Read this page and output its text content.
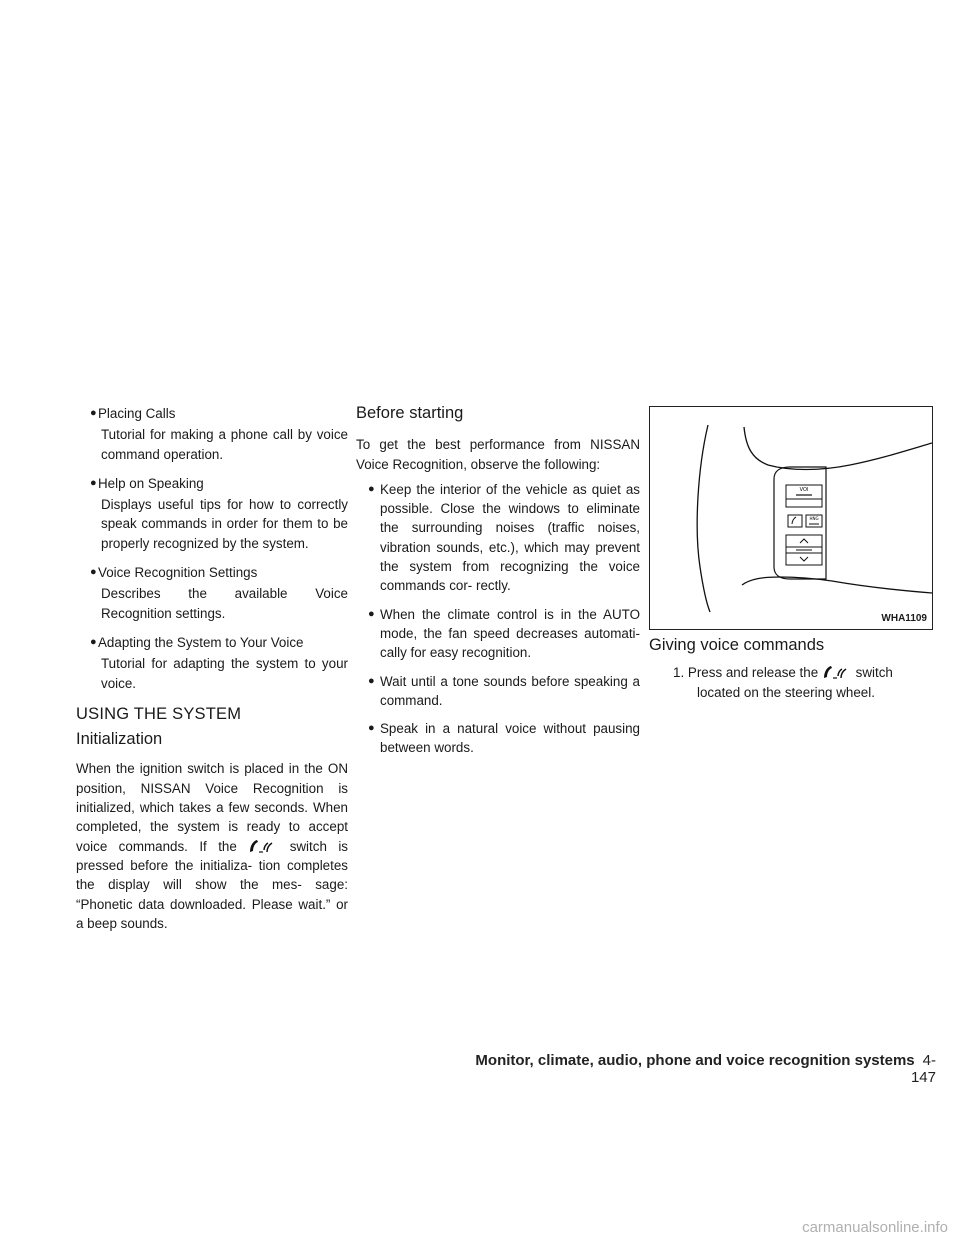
● Placing Calls

Tutorial for making a phone call by voice command operation.

● Help on Speaking

Displays useful tips for how to correctly speak commands in order for them to be properly recognized by the system.

● Voice Recognition Settings

Describes the available Voice Recognition settings.

● Adapting the System to Your Voice

Tutorial for adapting the system to your voice.

USING THE SYSTEM
Initialization

When the ignition switch is placed in the ON position, NISSAN Voice Recognition is initialized, which takes a few seconds. When completed, the system is ready to accept voice commands. If the	switch is pressed before the initializa- tion completes the display will show the mes- sage: “Phonetic data downloaded. Please wait.” or a beep sounds.

Before starting

To get the best performance from NISSAN Voice Recognition, observe the following:

● Keep the interior of the vehicle as quiet as possible. Close the windows to eliminate the surrounding noises (traffic noises, vibration sounds, etc.), which may prevent the system from recognizing the voice commands cor- rectly.
● When the climate control is in the AUTO mode, the fan speed decreases automati- cally for easy recognition.
● Wait until a tone sounds before speaking a command.
● Speak in a natural voice without pausing between words.
VOI
HNG
WHA1109
Giving voice commands

1. Press and release the	switch located on the steering wheel.

Monitor, climate, audio, phone and voice recognition systems 4-147
carmanualsonline.info
